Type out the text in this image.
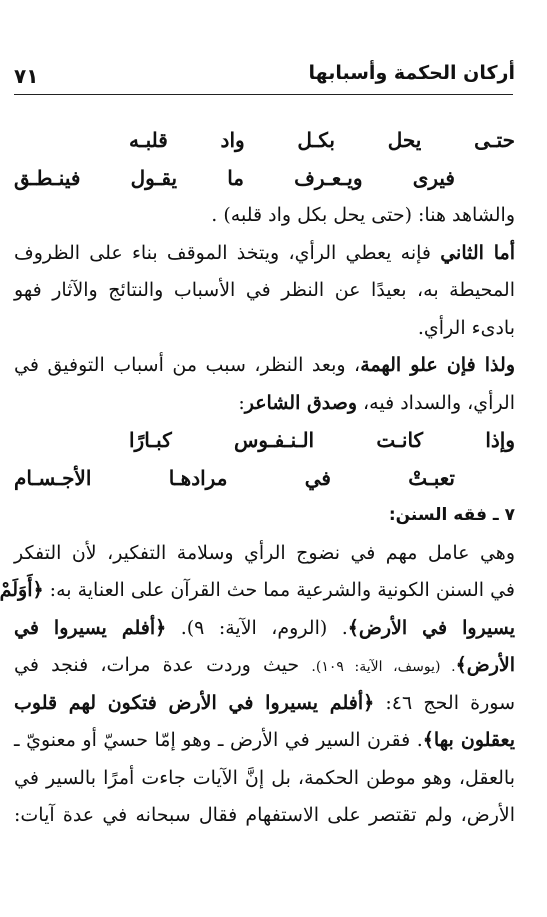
٧١	أركان الحكمة وأسبابها
حتـى
يحل
بكـل
واد
قلبـه
فيرى
ويـعـرف
ما
يقـول
فينـطـق
والشاهد هنا: (حتى يحل بكل واد قلبه) .
أما الثاني فإنه يعطي الرأي، ويتخذ الموقف بناء على الظروف
المحيطة به، بعيدًا عن النظر في الأسباب والنتائج والآثار فهو
بادىء الرأي.
ولذا فإن علو الهمة، وبعد النظر، سبب من أسباب التوفيق في
الرأي، والسداد فيه، وصدق الشاعر:
وإذا
كانـت
الـنـفـوس
كبـارًا
تعبـتْ
في
مرادهـا
الأجـسـام
٧ ـ فقه السنن:
وهي عامل مهم في نضوج الرأي وسلامة التفكير، لأن التفكر
في السنن الكونية والشرعية مما حث القرآن على العناية به: ﴿أَوَلَمْ
يسيروا في الأرض﴾. (الروم، الآية: ٩). ﴿أفلم يسيروا في
الأرض﴾. (يوسف، الآية: ١٠٩). حيث وردت عدة مرات، فنجد في
سورة الحج ٤٦: ﴿أفلم يسيروا في الأرض فتكون لهم قلوب
يعقلون بها﴾. فقرن السير في الأرض ـ وهو إمّا حسيّ أو معنويّ ـ
بالعقل، وهو موطن الحكمة، بل إنَّ الآيات جاءت أمرًا بالسير في
الأرض، ولم تقتصر على الاستفهام فقال سبحانه في عدة آيات:
